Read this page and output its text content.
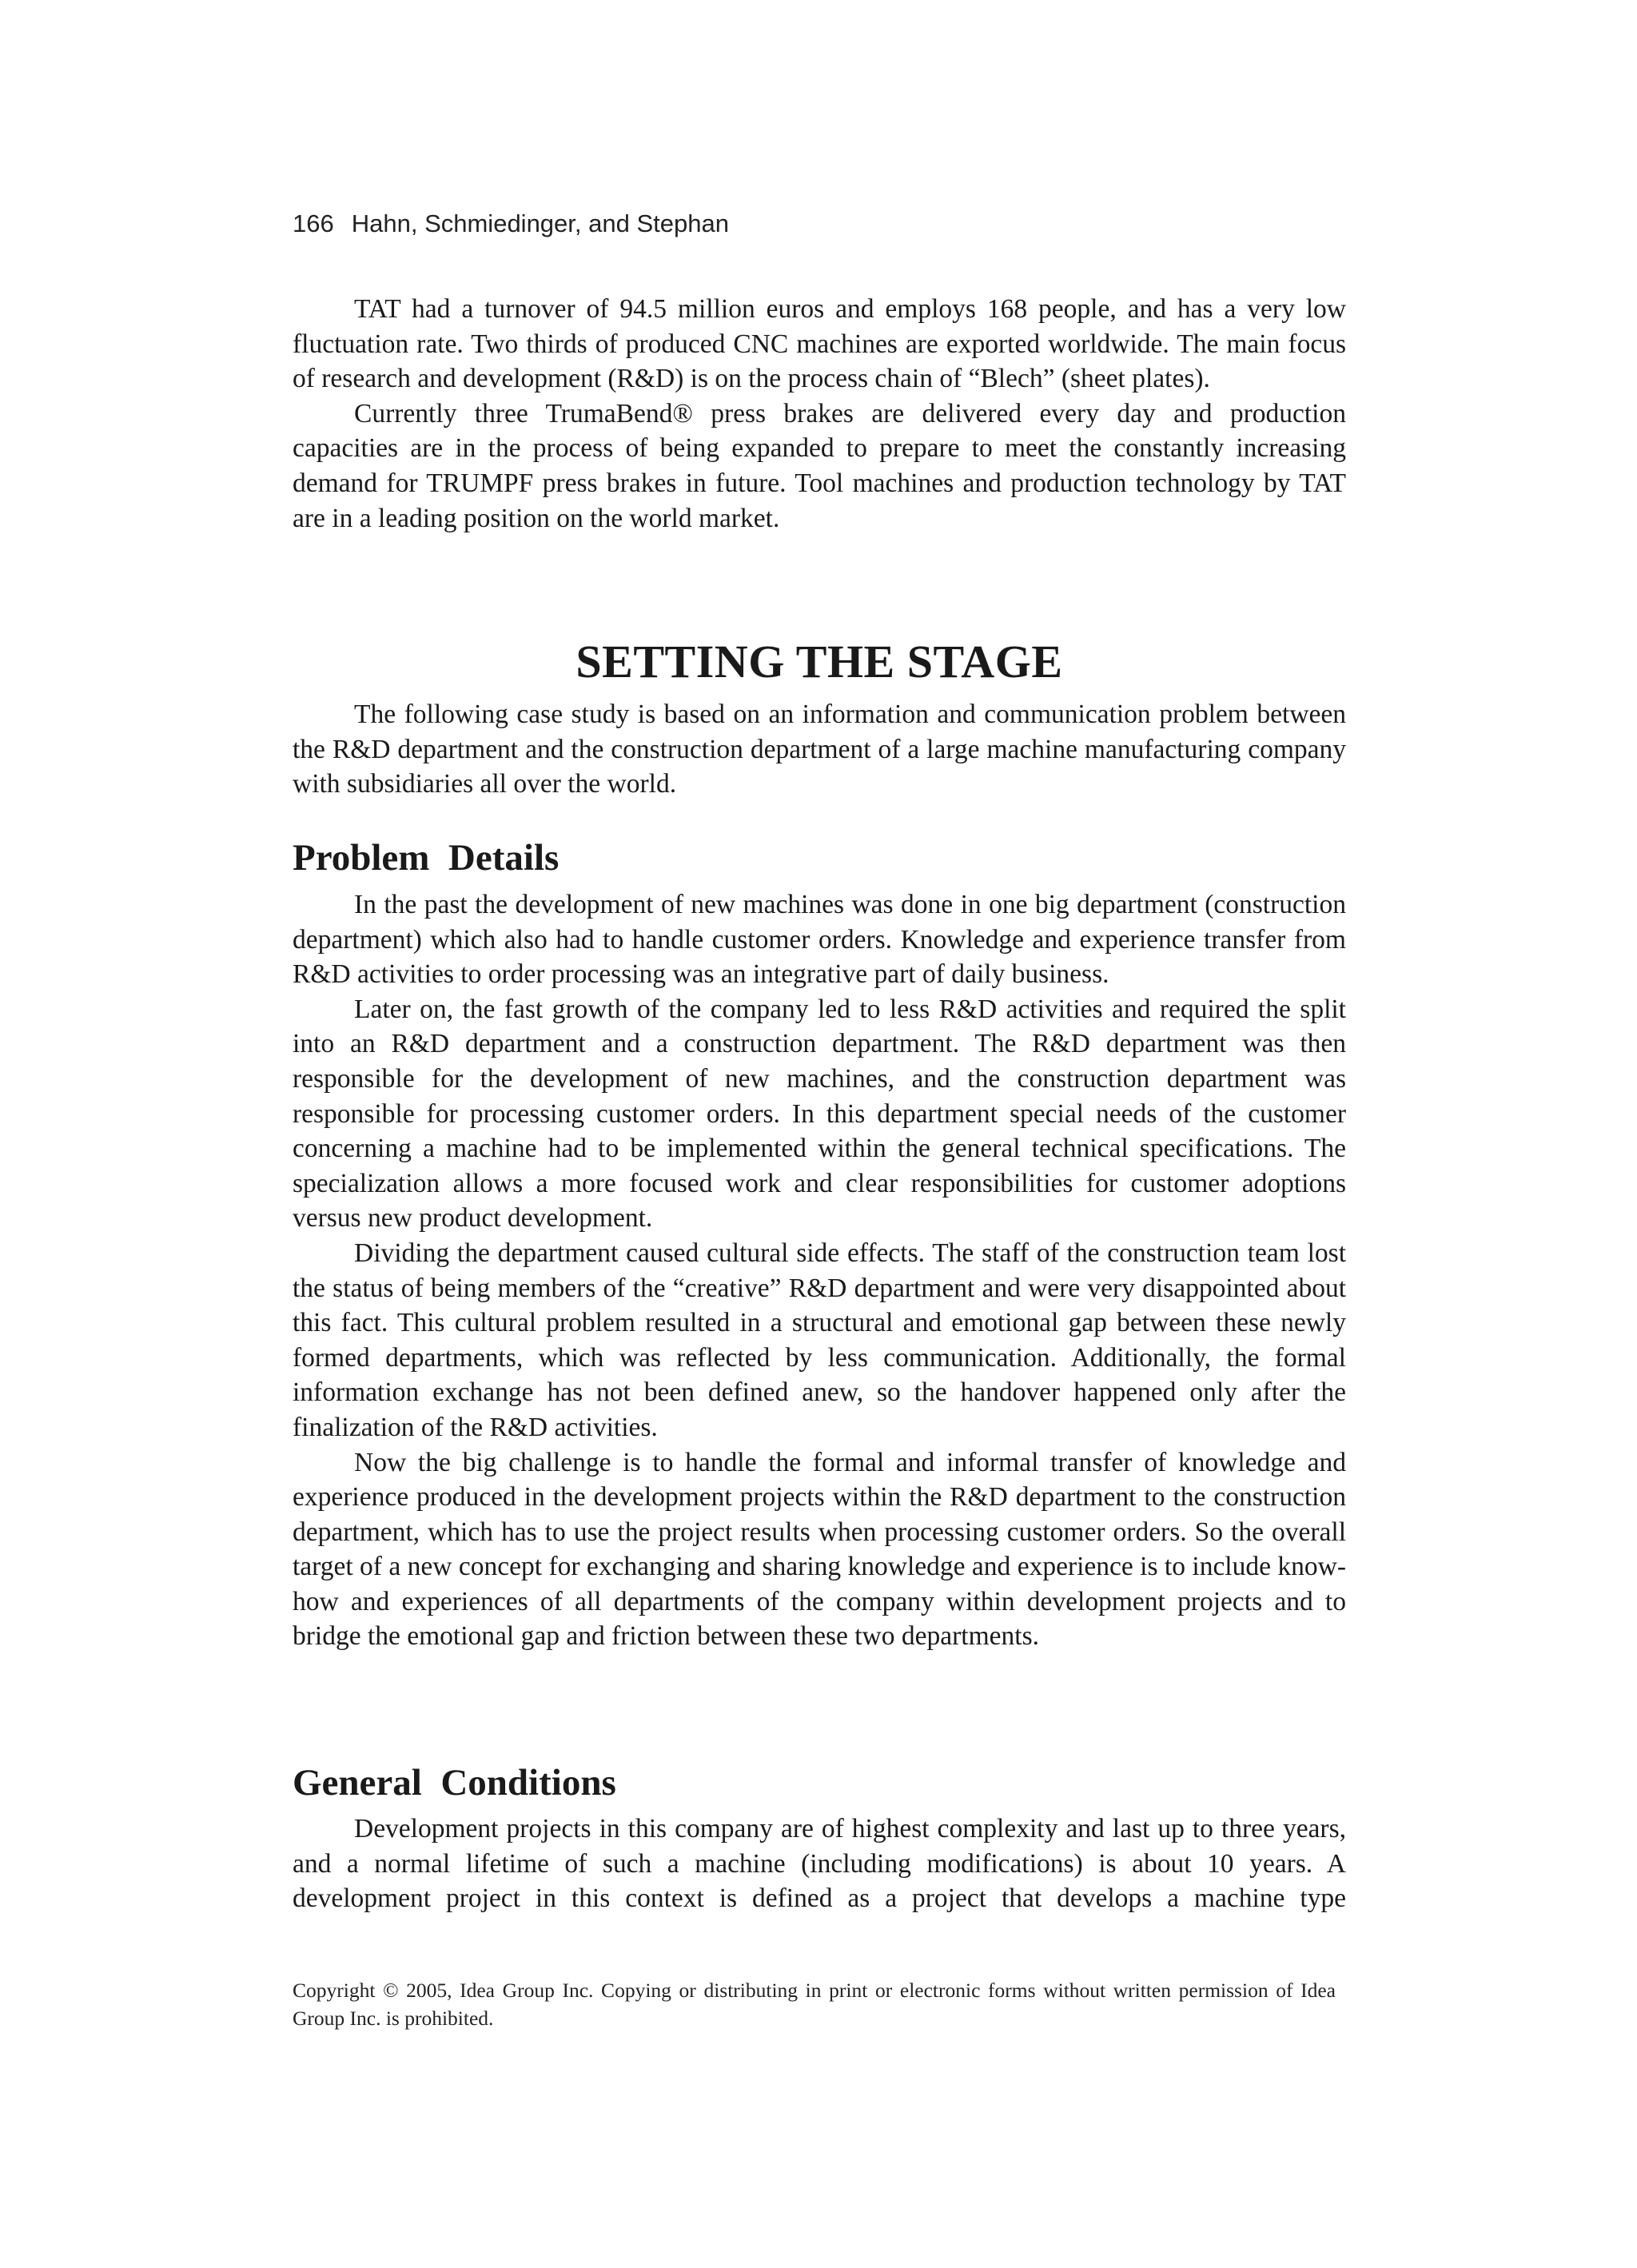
166 Hahn, Schmiedinger, and Stephan

TAT had a turnover of 94.5 million euros and employs 168 people, and has a very low fluctuation rate. Two thirds of produced CNC machines are exported worldwide. The main focus of research and development (R&D) is on the process chain of “Blech” (sheet plates).

Currently three TrumaBend® press brakes are delivered every day and production capacities are in the process of being expanded to prepare to meet the constantly increasing demand for TRUMPF press brakes in future. Tool machines and production technology by TAT are in a leading position on the world market.

SETTING THE STAGE

The following case study is based on an information and communication problem between the R&D department and the construction department of a large machine manufacturing company with subsidiaries all over the world.

Problem  Details

In the past the development of new machines was done in one big department (construction department) which also had to handle customer orders. Knowledge and experience transfer from R&D activities to order processing was an integrative part of daily business.

Later on, the fast growth of the company led to less R&D activities and required the split into an R&D department and a construction department. The R&D department was then responsible for the development of new machines, and the construction department was responsible for processing customer orders. In this department special needs of the customer concerning a machine had to be implemented within the general technical specifications. The specialization allows a more focused work and clear responsibilities for customer adoptions versus new product development.

Dividing the department caused cultural side effects. The staff of the construction team lost the status of being members of the “creative” R&D department and were very disappointed about this fact. This cultural problem resulted in a structural and emotional gap between these newly formed departments, which was reflected by less communication. Additionally, the formal information exchange has not been defined anew, so the handover happened only after the finalization of the R&D activities.

Now the big challenge is to handle the formal and informal transfer of knowledge and experience produced in the development projects within the R&D department to the construction department, which has to use the project results when processing customer orders. So the overall target of a new concept for exchanging and sharing knowledge and experience is to include know-how and experiences of all departments of the company within development projects and to bridge the emotional gap and friction between these two departments.

General  Conditions

Development projects in this company are of highest complexity and last up to three years, and a normal lifetime of such a machine (including modifications) is about 10 years. A development project in this context is defined as a project that develops a machine type

Copyright © 2005, Idea Group Inc. Copying or distributing in print or electronic forms without written permission of Idea Group Inc. is prohibited.
